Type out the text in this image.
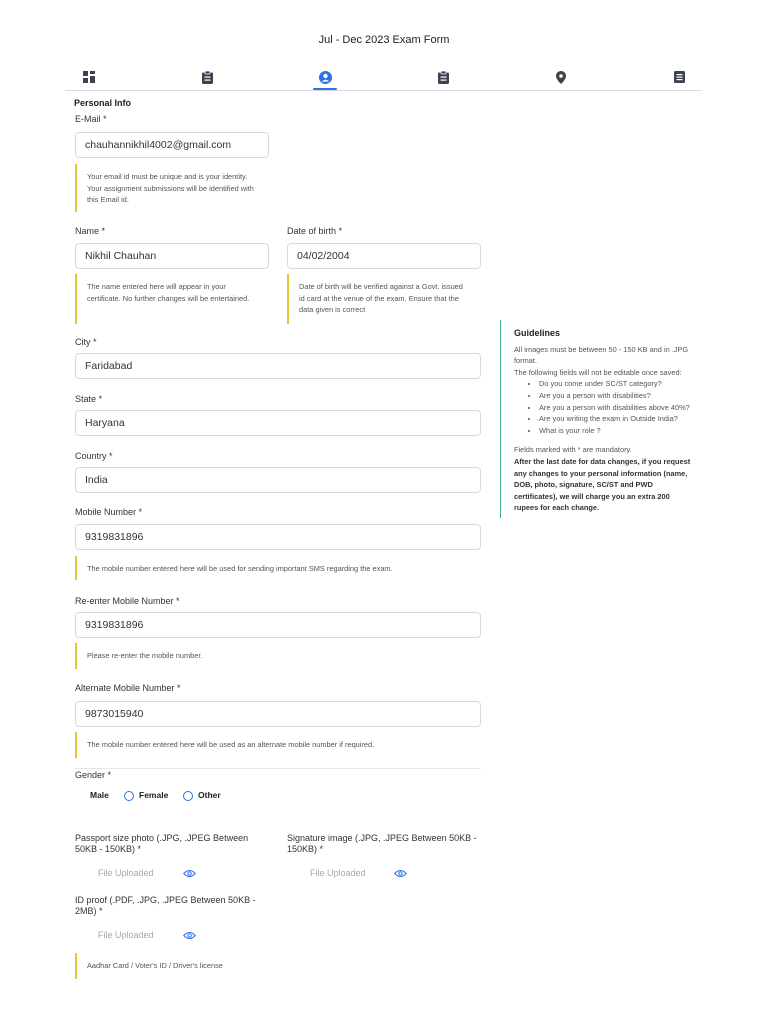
Jul - Dec 2023 Exam Form
Personal Info
E-Mail *
chauhannikhil4002@gmail.com
Your email id must be unique and is your identity. Your assignment submissions will be identified with this Email id.
Name *
Nikhil Chauhan
The name entered here will appear in your certificate. No further changes will be entertained.
Date of birth *
04/02/2004
Date of birth will be verified against a Govt. issued id card at the venue of the exam. Ensure that the data given is correct
City *
Faridabad
State *
Haryana
Country *
India
Mobile Number *
9319831896
The mobile number entered here will be used for sending important SMS regarding the exam.
Re-enter Mobile Number *
9319831896
Please re-enter the mobile number.
Alternate Mobile Number *
9873015940
The mobile number entered here will be used as an alternate mobile number if required.
Gender *
Male	Female	Other
Passport size photo (.JPG, .JPEG Between 50KB - 150KB) *
File Uploaded
Signature image (.JPG, .JPEG Between 50KB - 150KB) *
File Uploaded
ID proof (.PDF, .JPG, .JPEG Between 50KB - 2MB) *
File Uploaded
Aadhar Card / Voter's ID / Driver's license
Guidelines
All images must be between 50 - 150 KB and in .JPG format.
The following fields will not be editable once saved:
• Do you come under SC/ST category?
• Are you a person with disabilities?
• Are you a person with disabilities above 40%?
• Are you writing the exam in Outside India?
• What is your role ?
Fields marked with * are mandatory.
After the last date for data changes, if you request any changes to your personal information (name, DOB, photo, signature, SC/ST and PWD certificates), we will charge you an extra 200 rupees for each change.
